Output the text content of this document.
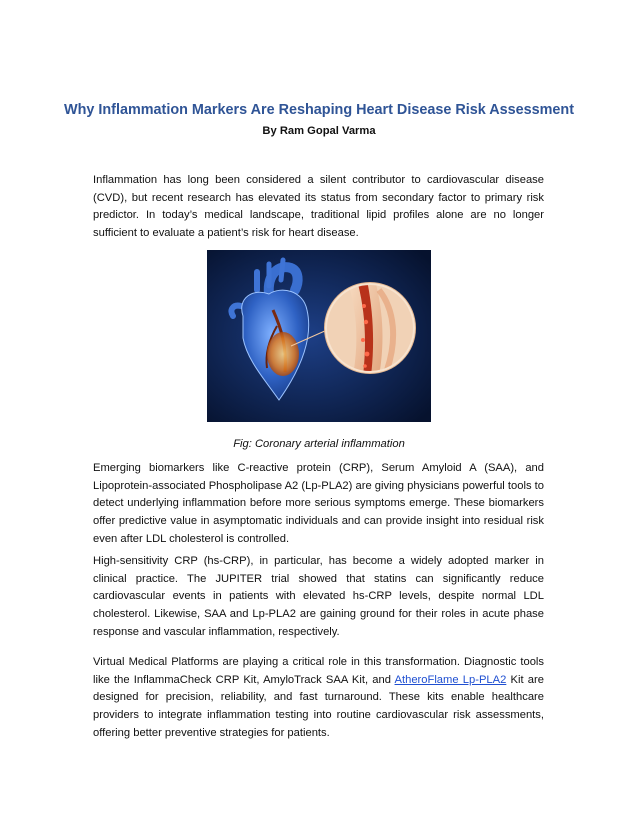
Why Inflammation Markers Are Reshaping Heart Disease Risk Assessment
By Ram Gopal Varma

Inflammation has long been considered a silent contributor to cardiovascular disease (CVD), but recent research has elevated its status from secondary factor to primary risk predictor. In today’s medical landscape, traditional lipid profiles alone are no longer sufficient to evaluate a patient’s risk for heart disease.

Fig: Coronary arterial inflammation

Emerging biomarkers like C-reactive protein (CRP), Serum Amyloid A (SAA), and Lipoprotein-associated Phospholipase A2 (Lp-PLA2) are giving physicians powerful tools to detect underlying inflammation before more serious symptoms emerge. These biomarkers offer predictive value in asymptomatic individuals and can provide insight into residual risk even after LDL cholesterol is controlled.

High-sensitivity CRP (hs-CRP), in particular, has become a widely adopted marker in clinical practice. The JUPITER trial showed that statins can significantly reduce cardiovascular events in patients with elevated hs-CRP levels, despite normal LDL cholesterol. Likewise, SAA and Lp-PLA2 are gaining ground for their roles in acute phase response and vascular inflammation, respectively.

Virtual Medical Platforms are playing a critical role in this transformation. Diagnostic tools like the InflammaCheck CRP Kit, AmyloTrack SAA Kit, and AtheroFlame Lp-PLA2 Kit are designed for precision, reliability, and fast turnaround. These kits enable healthcare providers to integrate inflammation testing into routine cardiovascular risk assessments, offering better preventive strategies for patients.
